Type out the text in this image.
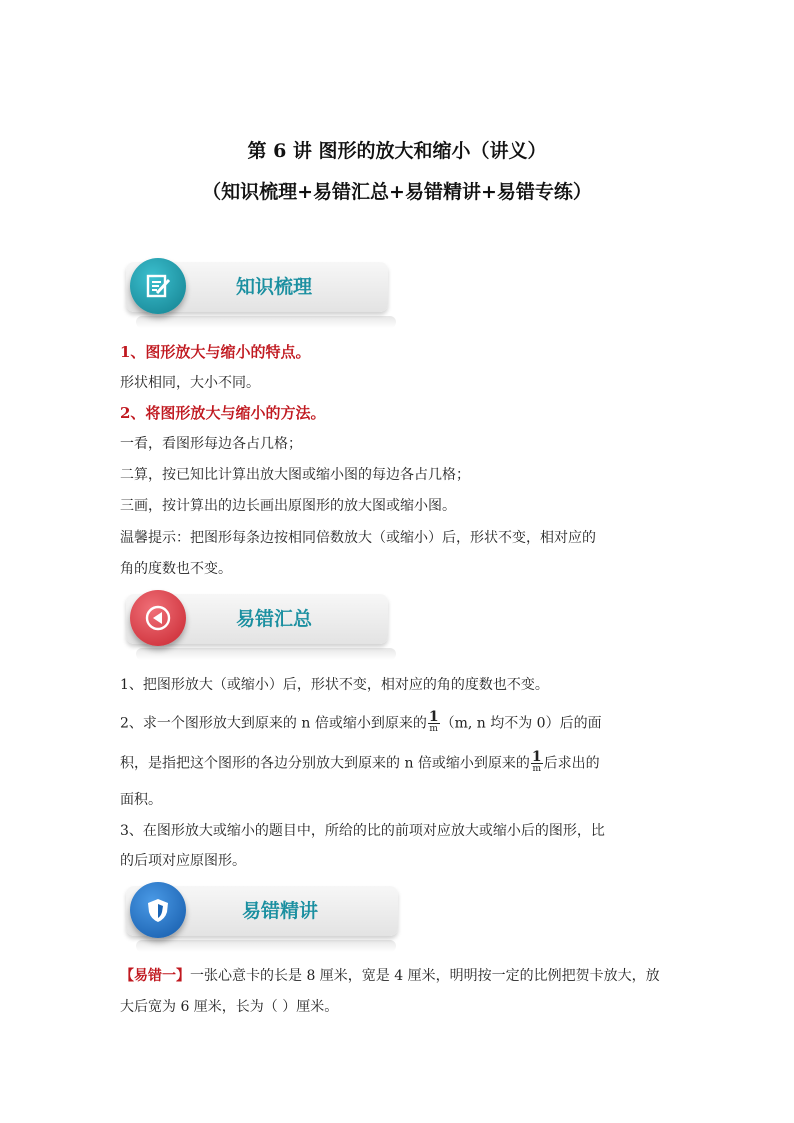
第 6 讲 图形的放大和缩小（讲义）
（知识梳理+易错汇总+易错精讲+易错专练）
知识梳理
1、图形放大与缩小的特点。
形状相同，大小不同。
2、将图形放大与缩小的方法。
一看，看图形每边各占几格；
二算，按已知比计算出放大图或缩小图的每边各占几格；
三画，按计算出的边长画出原图形的放大图或缩小图。
温馨提示：把图形每条边按相同倍数放大（或缩小）后，形状不变，相对应的
角的度数也不变。
易错汇总
1、把图形放大（或缩小）后，形状不变，相对应的角的度数也不变。
2、求一个图形放大到原来的 n 倍或缩小到原来的 $\frac{1}{m} (m$, n 均不为 0）后的面
积，是指把这个图形的各边分别放大到原来的 n 倍或缩小到原来的 $\frac{1}{m}$ 后求出的
面积。
3、在图形放大或缩小的题目中，所给的比的前项对应放大或缩小后的图形，比
的后项对应原图形。
易错精讲
【易错一】一张心意卡的长是 8 厘米，宽是 4 厘米，明明按一定的比例把贺卡放大，放
大后宽为 6 厘米，长为（ ）厘米。
